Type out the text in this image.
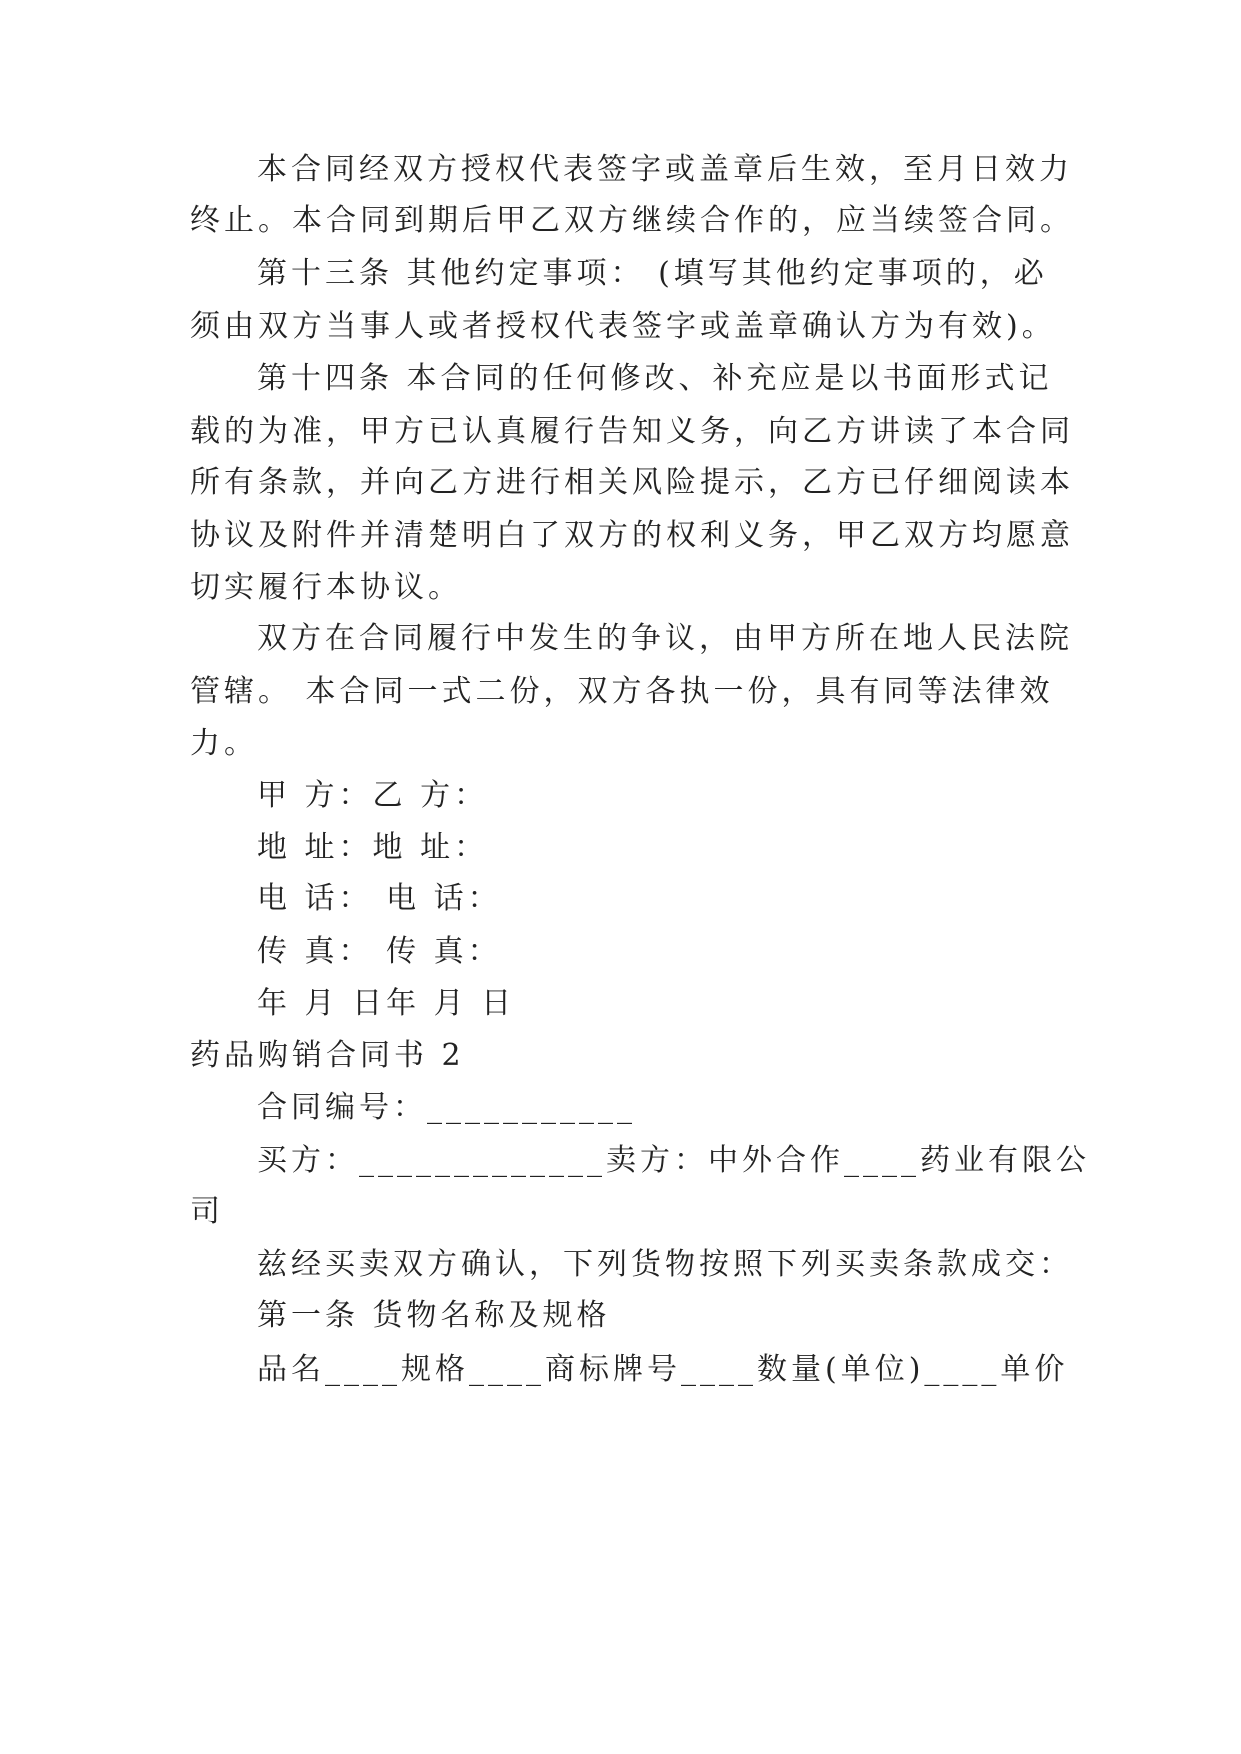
本合同经双方授权代表签字或盖章后生效，至月日效力
终止。本合同到期后甲乙双方继续合作的，应当续签合同。
第十三条 其他约定事项： (填写其他约定事项的，必
须由双方当事人或者授权代表签字或盖章确认方为有效)。
第十四条 本合同的任何修改、补充应是以书面形式记
载的为准，甲方已认真履行告知义务，向乙方讲读了本合同
所有条款，并向乙方进行相关风险提示，乙方已仔细阅读本
协议及附件并清楚明白了双方的权利义务，甲乙双方均愿意
切实履行本协议。
双方在合同履行中发生的争议，由甲方所在地人民法院
管辖。 本合同一式二份，双方各执一份，具有同等法律效
力。
甲 方：乙 方：
地 址：地 址：
电 话： 电 话：
传 真： 传 真：
年 月 日年 月 日
药品购销合同书 2
合同编号：___________
买方：_____________卖方：中外合作____药业有限公
司
兹经买卖双方确认，下列货物按照下列买卖条款成交：
第一条 货物名称及规格
品名____规格____商标牌号____数量(单位)____单价
